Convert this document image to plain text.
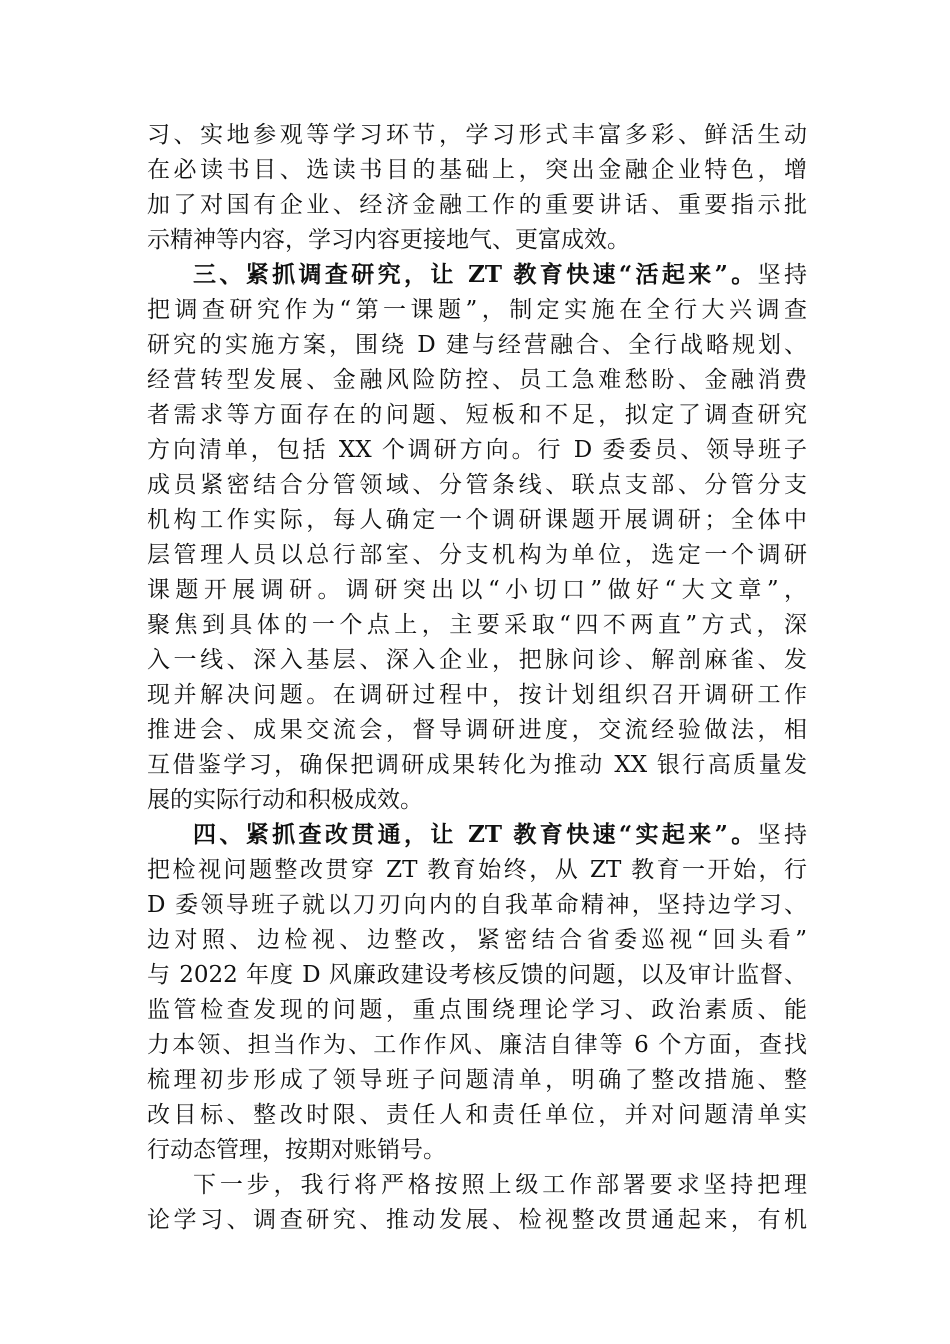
习、实地参观等学习环节，学习形式丰富多彩、鲜活生动
在必读书目、选读书目的基础上，突出金融企业特色，增
加了对国有企业、经济金融工作的重要讲话、重要指示批
示精神等内容，学习内容更接地气、更富成效。
三、紧抓调查研究，让 ZT 教育快速“活起来”。坚持
把调查研究作为“第一课题”，制定实施在全行大兴调查
研究的实施方案，围绕 D 建与经营融合、全行战略规划、
经营转型发展、金融风险防控、员工急难愁盼、金融消费
者需求等方面存在的问题、短板和不足，拟定了调查研究
方向清单，包括 XX 个调研方向。行 D 委委员、领导班子
成员紧密结合分管领域、分管条线、联点支部、分管分支
机构工作实际，每人确定一个调研课题开展调研；全体中
层管理人员以总行部室、分支机构为单位，选定一个调研
课题开展调研。调研突出以“小切口”做好“大文章”，
聚焦到具体的一个点上，主要采取“四不两直”方式，深
入一线、深入基层、深入企业，把脉问诊、解剖麻雀、发
现并解决问题。在调研过程中，按计划组织召开调研工作
推进会、成果交流会，督导调研进度，交流经验做法，相
互借鉴学习，确保把调研成果转化为推动 XX 银行高质量发
展的实际行动和积极成效。
四、紧抓查改贯通，让 ZT 教育快速“实起来”。坚持
把检视问题整改贯穿 ZT 教育始终，从 ZT 教育一开始，行
D 委领导班子就以刀刃向内的自我革命精神，坚持边学习、
边对照、边检视、边整改，紧密结合省委巡视“回头看”
与 2022 年度 D 风廉政建设考核反馈的问题，以及审计监督、
监管检查发现的问题，重点围绕理论学习、政治素质、能
力本领、担当作为、工作作风、廉洁自律等 6 个方面，查找
梳理初步形成了领导班子问题清单，明确了整改措施、整
改目标、整改时限、责任人和责任单位，并对问题清单实
行动态管理，按期对账销号。
下一步，我行将严格按照上级工作部署要求坚持把理
论学习、调查研究、推动发展、检视整改贯通起来，有机
